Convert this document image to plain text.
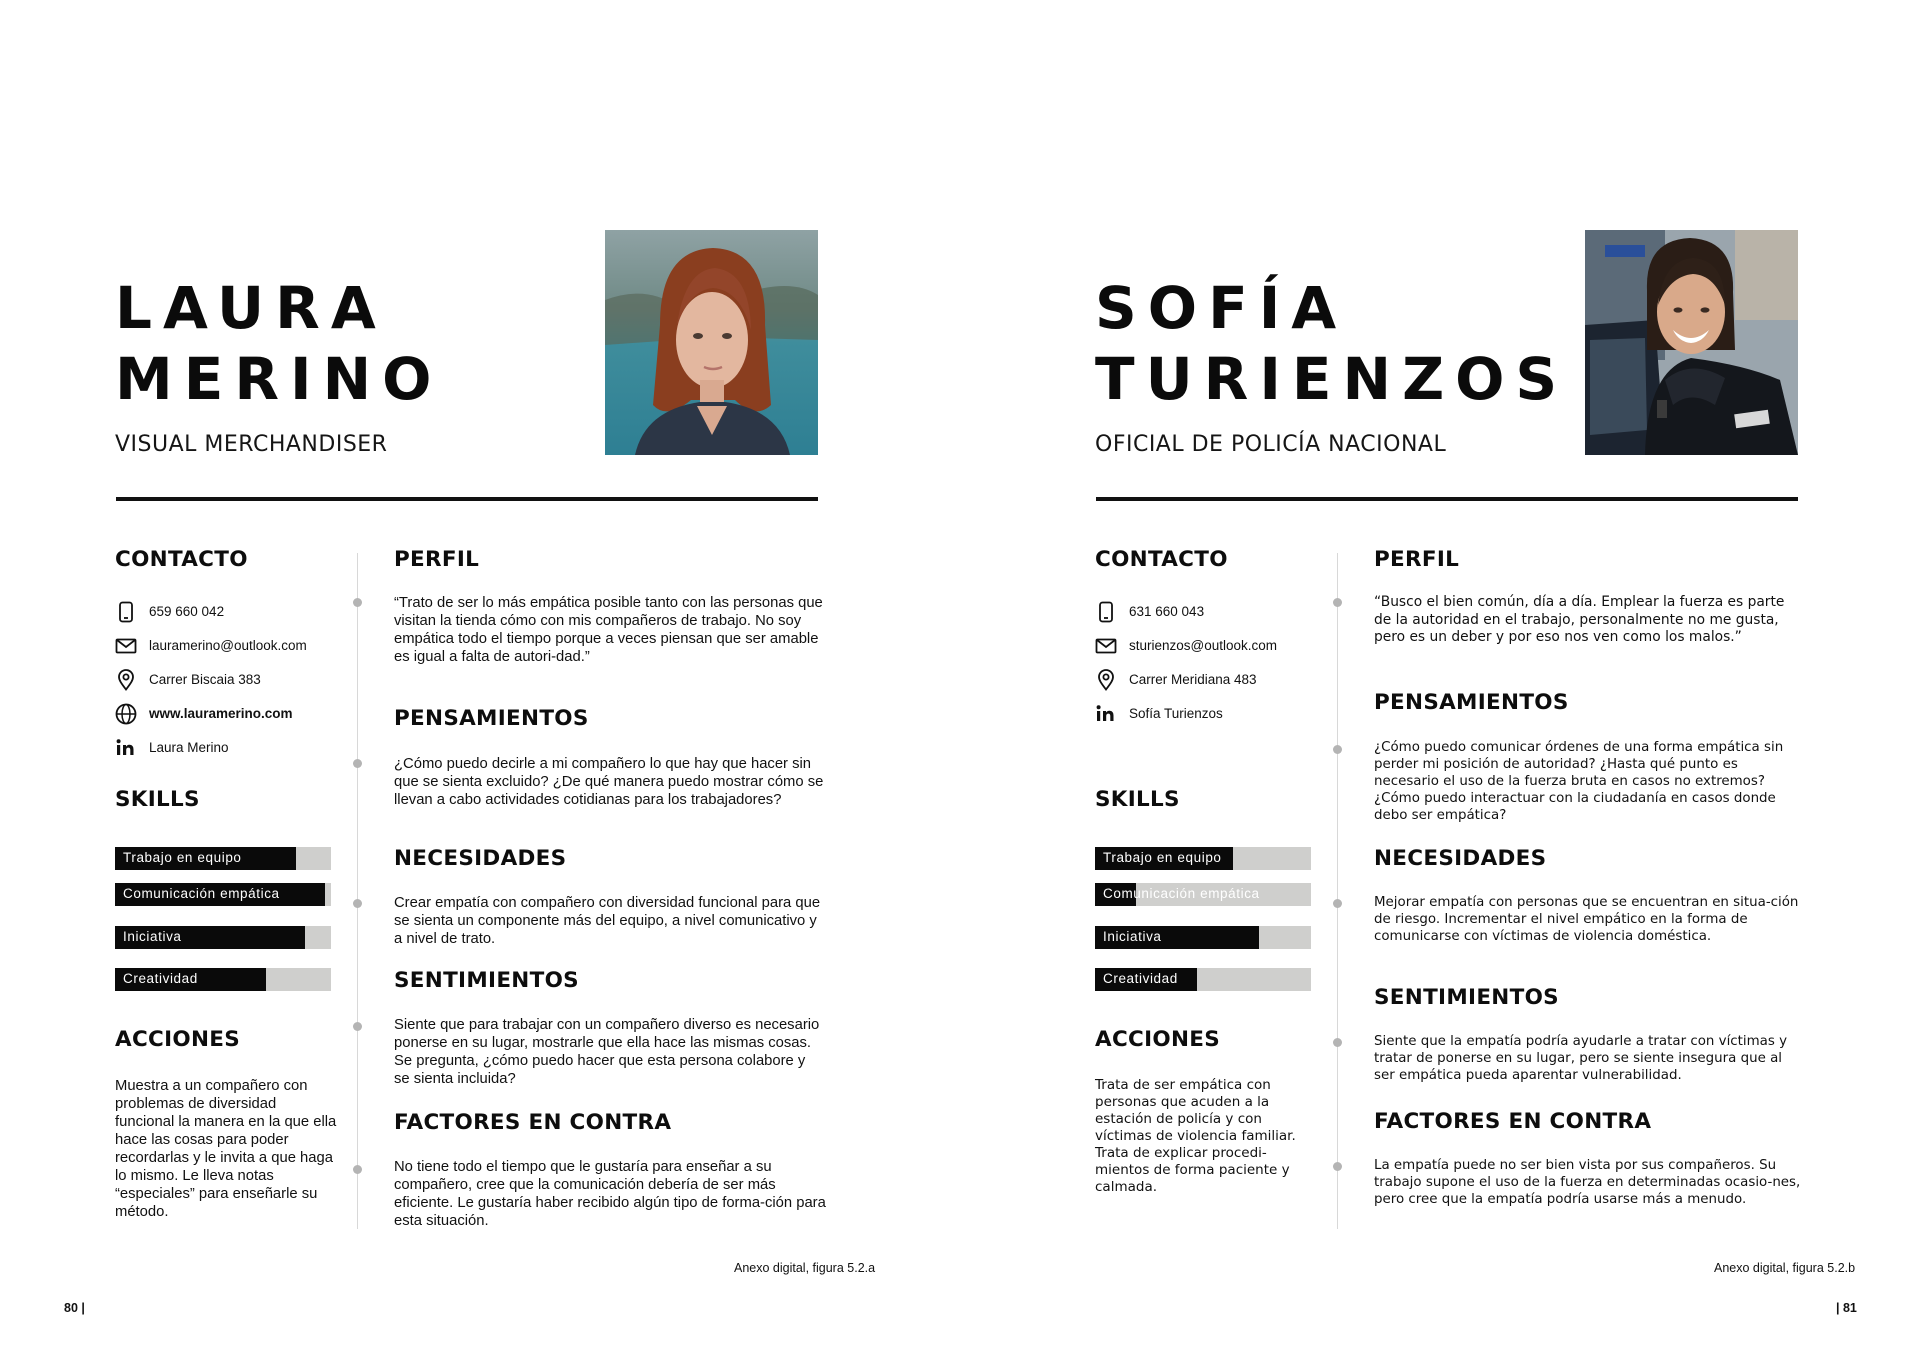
LAURA
MERINO
VISUAL MERCHANDISER
CONTACTO
659 660 042
lauramerino@outlook.com
Carrer Biscaia 383
www.lauramerino.com
Laura Merino
SKILLS
Trabajo en equipo
Comunicación empática
Iniciativa
Creatividad
ACCIONES
Muestra a un compañero con problemas de diversidad funcional la manera en la que ella hace las cosas para poder recordarlas y le invita a que haga lo mismo. Le lleva notas “especiales” para enseñarle su método.
PERFIL
“Trato de ser lo más empática posible tanto con las personas que visitan la tienda cómo con mis compañeros de trabajo. No soy empática todo el tiempo porque a veces piensan que ser amable es igual a falta de autori-dad.”
PENSAMIENTOS
¿Cómo puedo decirle a mi compañero lo que hay que hacer sin que se sienta excluido? ¿De qué manera puedo mostrar cómo se llevan a cabo actividades cotidianas para los trabajadores?
NECESIDADES
Crear empatía con compañero con diversidad funcional para que se sienta un componente más del equipo, a nivel comunicativo y a nivel de trato.
SENTIMIENTOS
Siente que para trabajar con un compañero diverso es necesario ponerse en su lugar, mostrarle que ella hace las mismas cosas. Se pregunta, ¿cómo puedo hacer que esta persona colabore y se sienta incluida?
FACTORES EN CONTRA
No tiene todo el tiempo que le gustaría para enseñar a su compañero, cree que la comunicación debería de ser más eficiente. Le gustaría haber recibido algún tipo de forma-ción para esta situación.
Anexo digital, figura 5.2.a
80 |
SOFÍA
TURIENZOS
OFICIAL DE POLICÍA NACIONAL
CONTACTO
631 660 043
sturienzos@outlook.com
Carrer Meridiana 483
Sofía Turienzos
SKILLS
Trabajo en equipo
Comunicación empática
Iniciativa
Creatividad
ACCIONES
Trata de ser empática con personas que acuden a la estación de policía y con víctimas de violencia familiar. Trata de explicar procedi-mientos de forma paciente y calmada.
PERFIL
“Busco el bien común, día a día. Emplear la fuerza es parte de la autoridad en el trabajo, personalmente no me gusta, pero es un deber y por eso nos ven como los malos.”
PENSAMIENTOS
¿Cómo puedo comunicar órdenes de una forma empática sin perder mi posición de autoridad? ¿Hasta qué punto es necesario el uso de la fuerza bruta en casos no extremos? ¿Cómo puedo interactuar con la ciudadanía en casos donde debo ser empática?
NECESIDADES
Mejorar empatía con personas que se encuentran en situa-ción de riesgo. Incrementar el nivel empático en la forma de comunicarse con víctimas de violencia doméstica.
SENTIMIENTOS
Siente que la empatía podría ayudarle a tratar con víctimas y tratar de ponerse en su lugar, pero se siente insegura que al ser empática pueda aparentar vulnerabilidad.
FACTORES EN CONTRA
La empatía puede no ser bien vista por sus compañeros. Su trabajo supone el uso de la fuerza en determinadas ocasio-nes, pero cree que la empatía podría usarse más a menudo.
Anexo digital, figura 5.2.b
| 81
